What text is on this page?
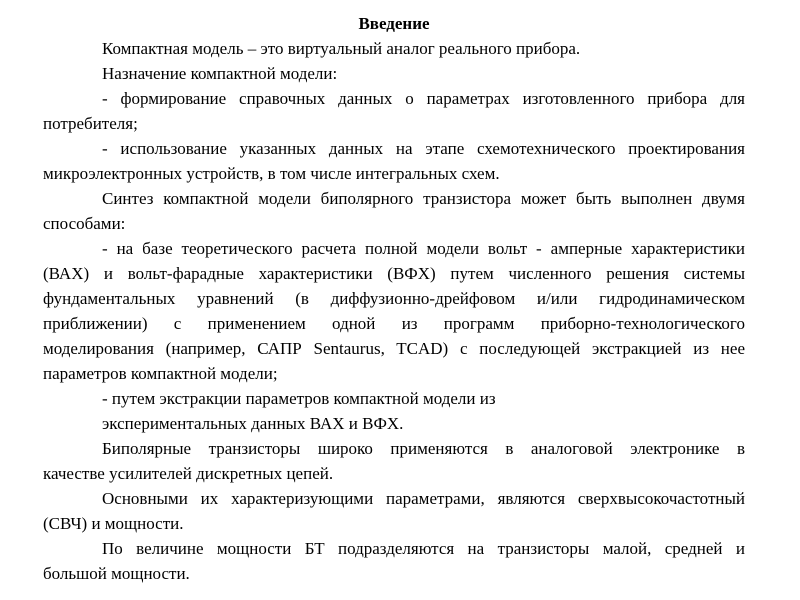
Введение
Компактная модель – это виртуальный аналог реального прибора.
Назначение компактной модели:
- формирование справочных данных о параметрах изготовленного прибора для
потребителя;
- использование указанных данных на этапе схемотехнического проектирования
микроэлектронных устройств, в том числе интегральных схем.
Синтез компактной модели биполярного транзистора может быть выполнен двумя
способами:
- на базе теоретического расчета полной модели вольт - амперные характеристики
(ВАХ) и вольт-фарадные характеристики (ВФХ) путем численного решения системы
фундаментальных уравнений (в диффузионно-дрейфовом и/или гидродинамическом
приближении) с применением одной из программ приборно-технологического
моделирования (например, САПР Sentaurus, TCAD) с последующей экстракцией из нее
параметров компактной модели;
- путем экстракции параметров компактной модели из
экспериментальных данных ВАХ и ВФХ.
Биполярные транзисторы широко применяются в аналоговой электронике в
качестве усилителей дискретных цепей.
Основными их характеризующими параметрами, являются сверхвысокочастотный
(СВЧ) и мощности.
По величине мощности БТ подразделяются на транзисторы малой, средней и
большой мощности.
